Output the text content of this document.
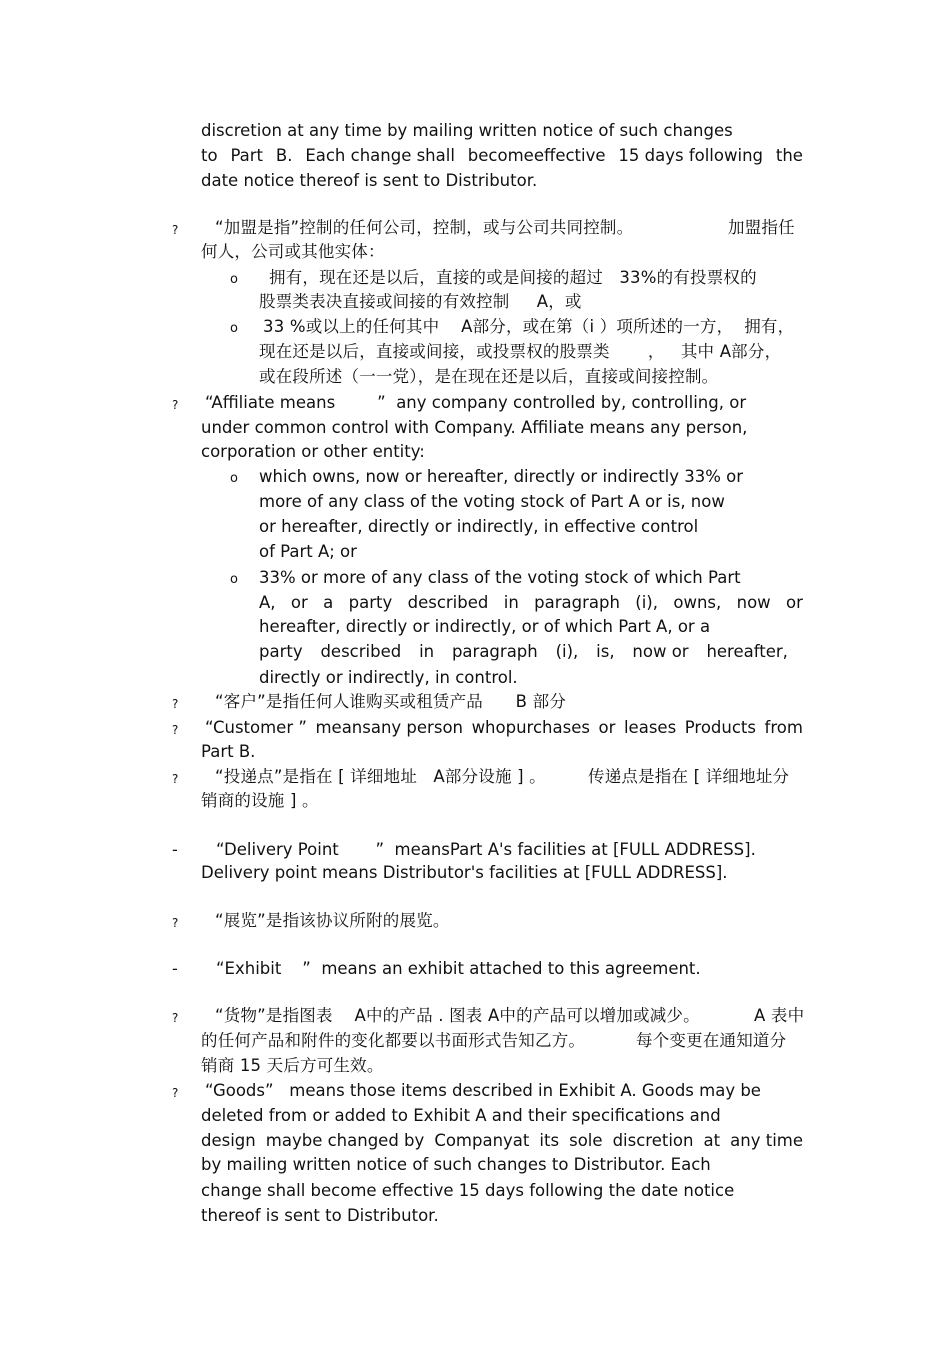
discretion at any time by mailing written notice of such changes
to Part B. Each change shall becomeeffective 15 days following the
date notice thereof is sent to Distributor.
? “加盟是指”控制的任何公司，控制，或与公司共同控制。	加盟指任
何人，公司或其他实体：
o 拥有，现在还是以后，直接的或是间接的超过   33%的有投票权的
股票类表决直接或间接的有效控制     A，或
o 33 %或以上的任何其中    A部分，或在第（i ）项所述的一方，  拥有，
现在还是以后，直接或间接，或投票权的股票类       ，   其中 A部分，
或在段所述（一一党），是在现在还是以后，直接或间接控制。
? “Affiliate means        ”  any company controlled by, controlling, or
under common control with Company. Affiliate means any person,
corporation or other entity:
o which owns, now or hereafter, directly or indirectly 33% or
more of any class of the voting stock of Part A or is, now
or hereafter, directly or indirectly, in effective control
of Part A; or
o 33% or more of any class of the voting stock of which Part
A, or a party described in paragraph (i), owns, now or
hereafter, directly or indirectly, or of which Part A, or a
party described in paragraph (i), is, now or hereafter,
directly or indirectly, in control.
? “客户”是指任何人谁购买或租赁产品      B 部分
? “Customer ” meansany person whopurchases or leases Products from
Part B.
? “投递点”是指在 [ 详细地址   A部分设施 ] 。	传递点是指在 [ 详细地址分
销商的设施 ] 。
- “Delivery Point       ”  meansPart A's facilities at [FULL ADDRESS].
Delivery point means Distributor's facilities at [FULL ADDRESS].
? “展览”是指该协议所附的展览。
- “Exhibit    ”  means an exhibit attached to this agreement.
? “货物”是指图表    A中的产品 . 图表 A中的产品可以增加或减少。	A 表中
的任何产品和附件的变化都要以书面形式告知乙方。	每个变更在通知道分
销商 15 天后方可生效。
? “Goods”   means those items described in Exhibit A. Goods may be
deleted from or added to Exhibit A and their specifications and
design maybe changed by Companyat its sole discretion at any time
by mailing written notice of such changes to Distributor. Each
change shall become effective 15 days following the date notice
thereof is sent to Distributor.
